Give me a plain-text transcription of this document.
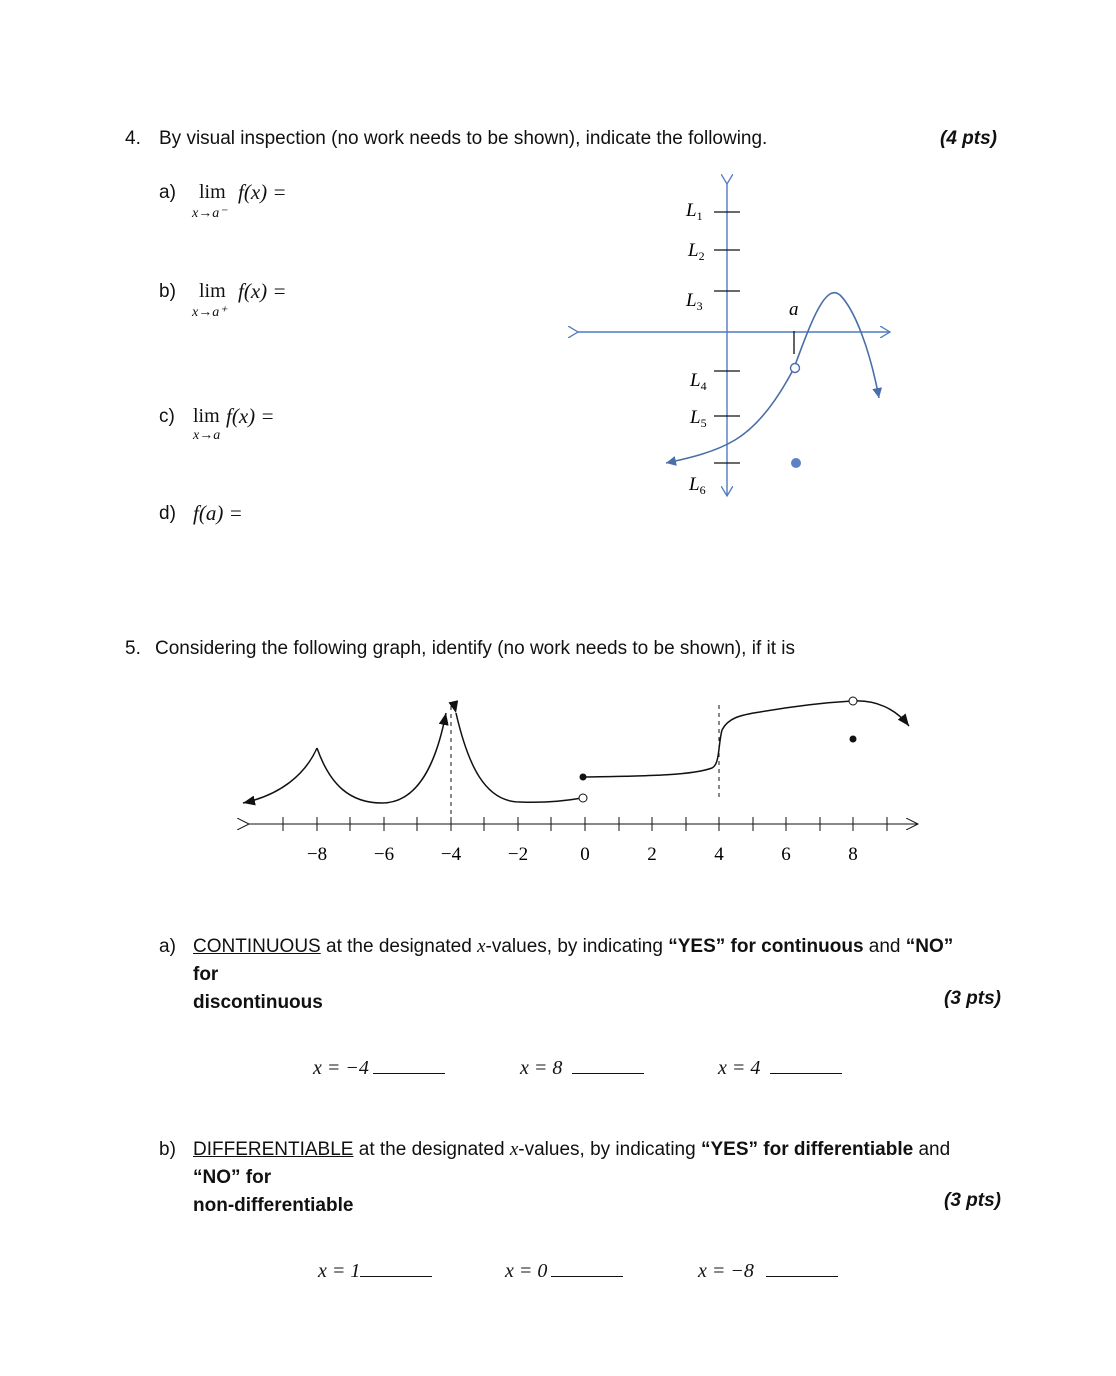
4. By visual inspection (no work needs to be shown), indicate the following.	(4 pts)
a) lim
x→a⁻
f(x) =
b) lim
x→a⁺
f(x) =
c) lim
x→a
f(x) =
d) f(a) =
$L_1$
$L_2$
$L_3$
$L_4$
$L_5$
$L_6$
a
5. Considering the following graph, identify (no work needs to be shown), if it is
−8 −6 −4 −2	0	2	4	6	8
a) CONTINUOUS at the designated x-values, by indicating “YES” for continuous and “NO” for
discontinuous	(3 pts)
x = −4	x = 8	x = 4
b) DIFFERENTIABLE at the designated x-values, by indicating “YES” for differentiable and “NO” for
non-differentiable	(3 pts)
x = 1	x = 0	x = −8
